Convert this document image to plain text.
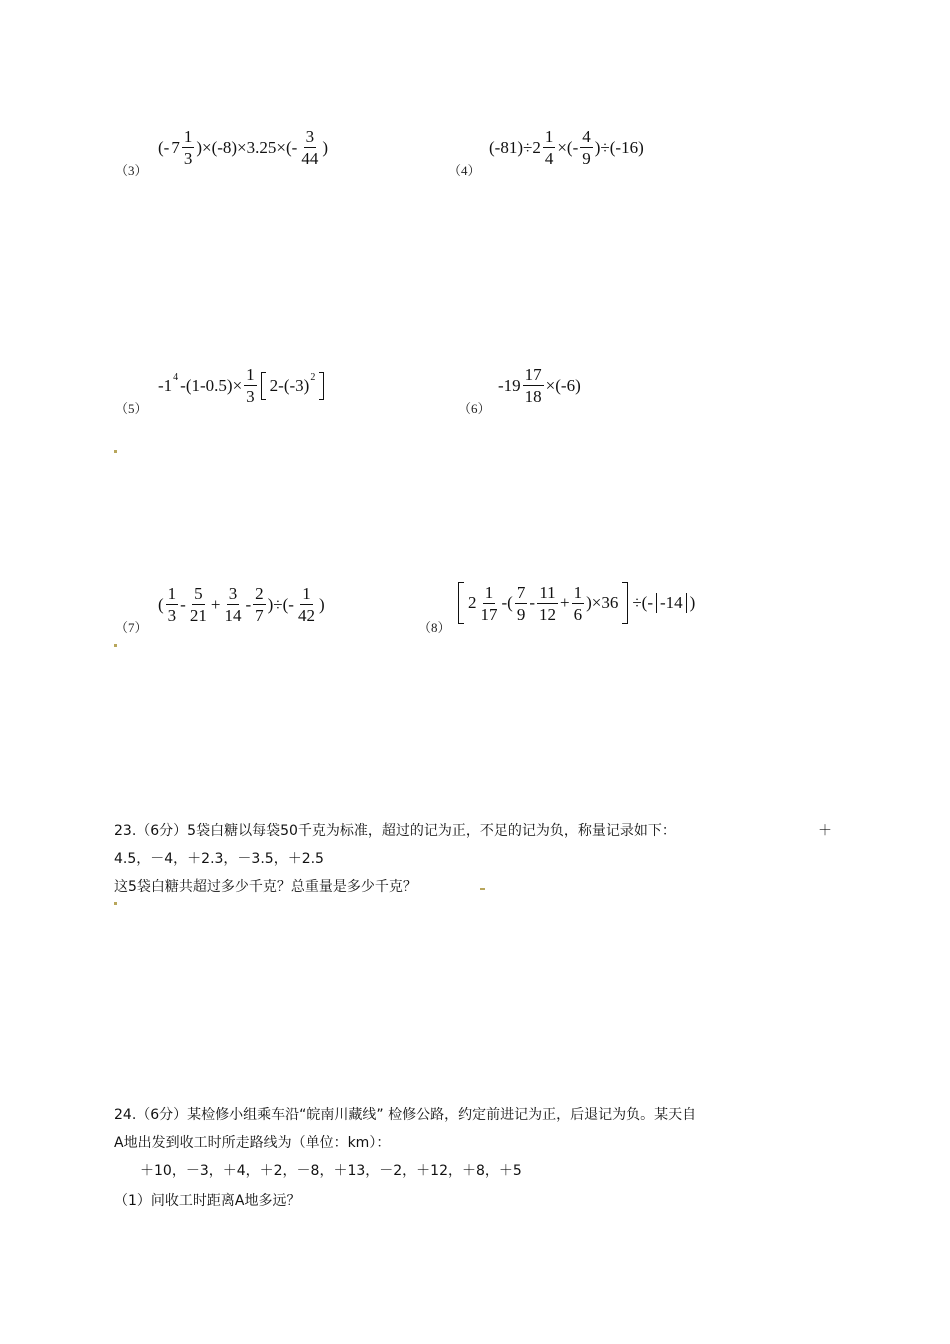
（3）
(- $7 \frac{1}{3} )\times(-8)\times 3.25\times(- \frac{3}{44}$ )
（4）
$(-81)\div 2 \frac{1}{4}$ ×(- $\frac{4}{9} )\div(-16)$
（5）
-1 4 $-(1-0.5)\times \frac{1}{3} 2-(-3)$ 2
（6）
$-19 \frac{17}{18} \times(-6)$
（7）
( $\frac{1}{3} - \frac{5}{21} + \frac{3}{14} - \frac{2}{7}$ )÷(- $\frac{1}{42}$ )
（8）
$2 \frac{1}{17}$ -( $\frac{7}{9} - \frac{11}{12} + \frac{1}{6} )\times 36$ ÷(- -14 )
23.（6分）5袋白糖以每袋50千克为标准，超过的记为正，不足的记为负，称量记录如下：	＋
4.5，－4，＋2.3，－3.5，＋2.5
这5袋白糖共超过多少千克？总重量是多少千克？
24.（6分）某检修小组乘车沿“皖南川藏线” 检修公路，约定前进记为正，后退记为负。某天自
A地出发到收工时所走路线为（单位：km）：
＋10，－3，＋4，＋2，－8，＋13，－2，＋12，＋8，＋5
（1）问收工时距离A地多远？
